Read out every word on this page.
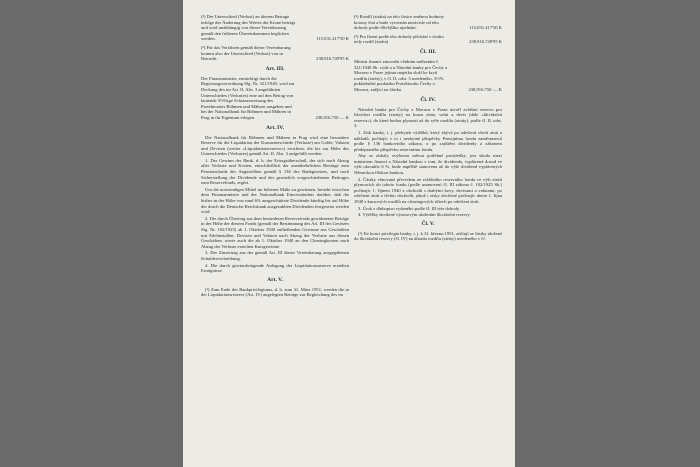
(²) Der Unterschied (Verlust) an diesem Betrage infolge der Änderung des Wertes der Krone beträgt und wird unabhängig von dieser Vereinbarung gemäß den früheren Übereinkommen beglichen werden.	115,031.417'50 K
(³) Für das Verfahren gemäß dieser Vereinbarung kommt also der Unterschied (Verlust) von in Betracht.	238,916.749'95 K
Art. III.
Der Finanzminister, ermächtigt durch die Regierungsverordnung Slg. Nr. 321/1940, wird zur Deckung des im Art. II, Abs. 3 angeführten Unterschiedes (Verlustes) eine auf den Betrag von lautende 3½%ige Schatzanweisung des Protektorates Böhmen und Mähren ausgeben und bei der Nationalbank für Böhmen und Mähren in Prag in ihr Eigentum erlegen.	238,916.750·— K
Art. IV.

Die Nationalbank für Böhmen und Mähren in Prag wird eine besondere Reserve für die Liquidation der Kursunterschiede (Verluste) am Golde, Valuten und Devisen (weiter »Liquidationsreserve«) errichten, die bis zur Höhe des Unterschiedes (Verlustes) gemäß Art. II, Abs. 3 aufgefüllt werden.

1. Der Gewinn der Bank, d. h. der Ertragsüberschuß, der sich nach Abzug aller Verluste und Kosten, einschließlich der unentbehrlichen Beiträge zum Pensionsfonds der Angestellten gemäß § 136 des Bankgesetzes, und nach Sicherstellung der Dividende und des gesetzlich vorgeschriebenen Beitrages zum Reservefonds, ergibt.

Um die notwendigen Mittel im höheren Maße zu gewinnen, besteht zwischen dem Finanzminister und der Nationalbank Einverständnis darüber, daß die bisher in der Höhe von rund 6% ausgeschüttete Dividende künftig bis auf Höhe der durch die Deutsche Reichsbank ausgezahlten Dividenden festgesetzt werden wird.

2. Die durch Übertrag aus dem besonderen Reservefonds gewidmeten Beträge in der Höhe der diesem Fonds (gemäß der Bestimmung des Art. III des Gesetzes Slg. Nr. 102/1925) ab 1. Oktober 1940 zufließenden Gewinne aus Geschäften mit Edelmetallen, Devisen und Valuten nach Abzug der Verluste aus diesen Geschäften, sowie auch die ab 1. Oktober 1940 an den Clearingkonten nach Abzug der Verluste erzielten Kursgewinne.

3. Der Zinsertrag aus der gemäß Art. III dieser Vereinbarung ausgegebenen Schuldverschreibung.

4. Die durch gewinnbringende Anlegung der Liquidationsreserve erzielten Erträgnisse.

Art. V.

(¹) Zum Ende des Bankprivilegiums, d. h. zum 31. März 1951, werden die in der Liquidationsreserve (Art. IV) angelegten Beträge zur Begleichung des im

(²) Rozdíl (ztráta) na této částce změnou hodnoty koruny činí a bude vyrovnán nezávisle od této dohody podle dřívějšího ujednání.	115,031.417'50 K
(³) Pro řízení podle této dohody přichází v úvahu tedy rozdíl (ztráta)	238,916.749'95 K
Čl. III.
Ministr financí zmocněn vládním nařízením č. 321/1940 Sb. vydá a u Národní banky pro Čechy a Moravu v Praze jejímu majetku složí ke krytí rozdílu (ztráty), v čl. II, odst. 3 uvedeného, 3½% pokladniční poukázku Protektorátu Čechy a Morava, znějící na částku	238,916.750·— K
Čl. IV.

Národní banka pro Čechy a Moravu v Praze utvoří zvláštní reservu pro likvidaci rozdílu (ztráty) na kursu zlata, valut a devis (dále »likvidační reserva«), do které budou plynouti až do výše rozdílu (ztráty), podle čl. II, odst. 3:

1. Zisk banky, t. j. přebytek výtěžků, který zbývá po odečtení všech ztrát a nákladů, počítajíc v to i nezbytné příspěvky Pensijnímu fondu zaměstnanců podle § 136 bankovního zákona, a po zajištění dividendy a zákonem předepsaného příspěvku reservnímu fondu.

Aby se získaly zvýšenou měrou potřebné prostředky, jest shoda mezi ministrem financí a Národní bankou v tom, že dividenda, vyplácená dosud ve výši okrouhle 6 %, bude napříště stanovena až do výše dividend vyplácených Německou říšskou bankou.

2. Částky věnované převodem ze zvláštního reservního fondu ve výši zisků plynoucích do tohoto fondu (podle ustanovení čl. III zákona č. 102/1925 Sb.) počínajíc 1. říjnem 1940 z obchodů s drahými kovy, devisami a valutami, po odečtení ztrát z těchto obchodů, jakož i zisky docílené počínajíc dnem 1. října 1940 z kursových rozdílů na clearingových účtech po odečtení ztrát.

3. Úrok z dluhopisu vydaného podle čl. III této dohody.

4. Výtěžky docílené výnosovým uložením likvidační reservy.

Čl. V.

(¹) Ke konci privilegia banky, t. j. k 31. březnu 1951, zúčtují se částky uložené do likvidační reservy (čl. IV) na úhradu rozdílu (ztráty) uvedeného v čl.
